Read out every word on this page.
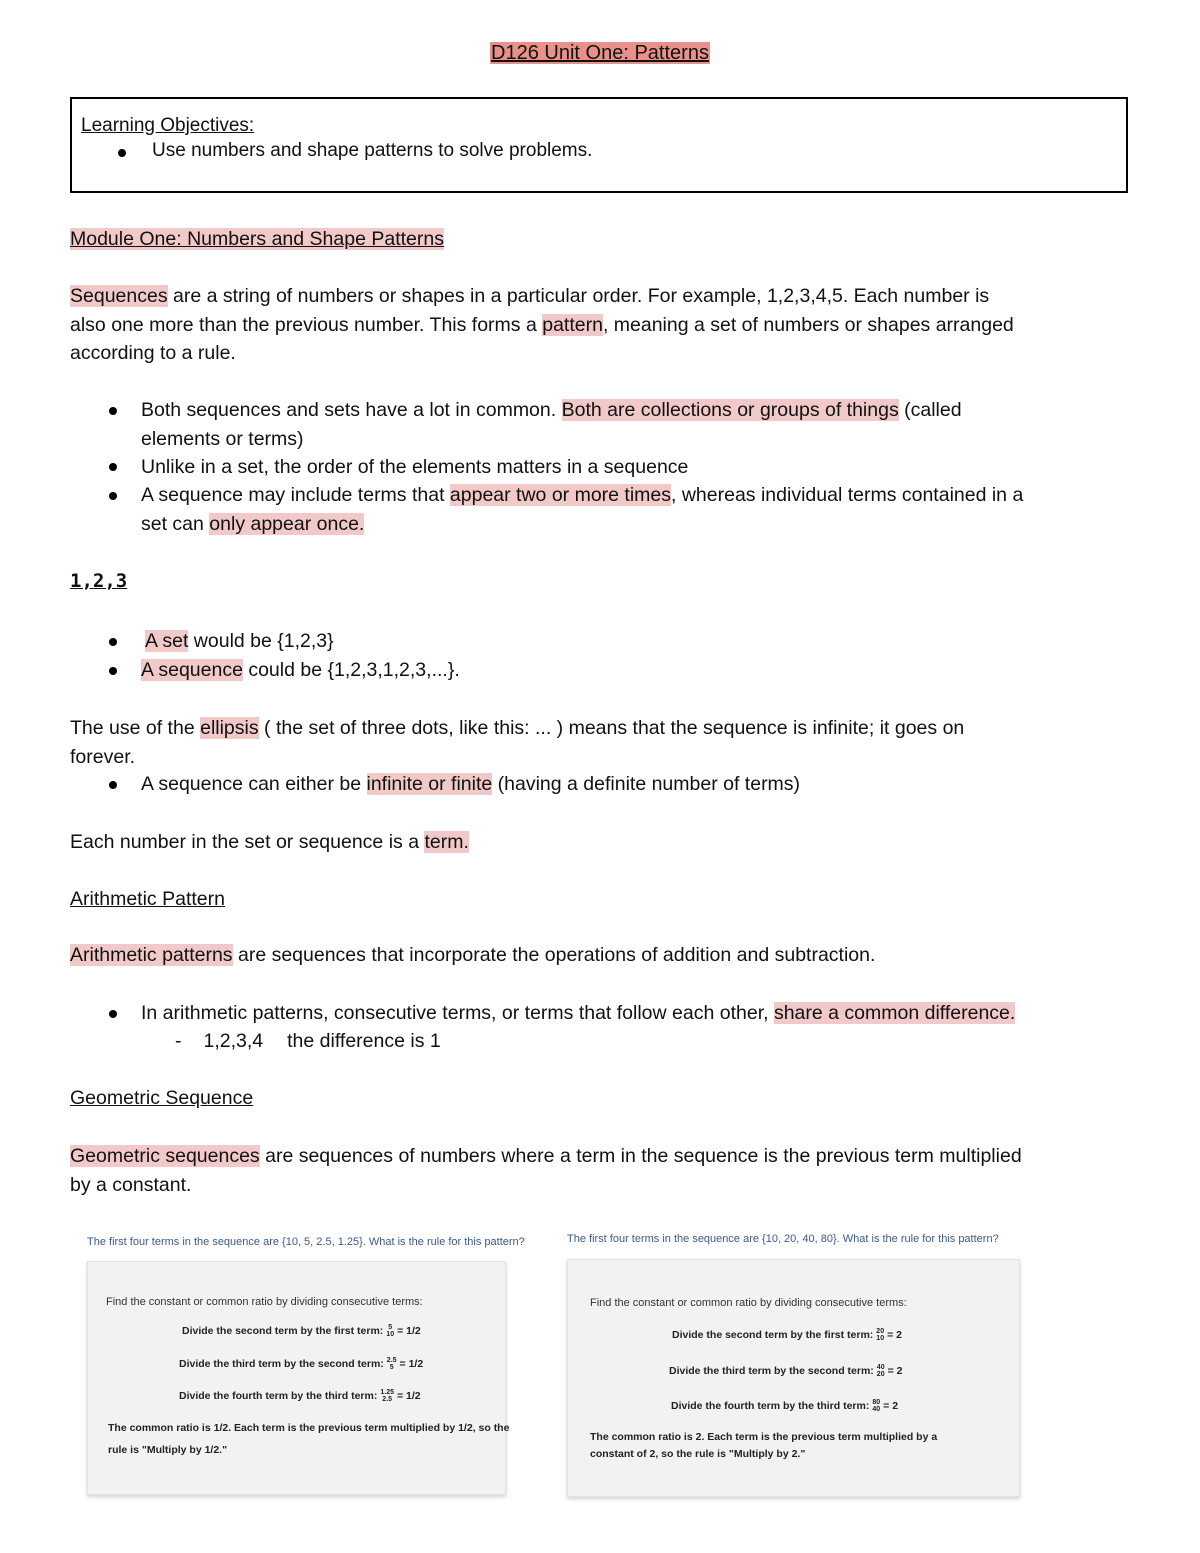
D126 Unit One: Patterns
Learning Objectives:
Use numbers and shape patterns to solve problems.
Module One: Numbers and Shape Patterns
Sequences are a string of numbers or shapes in a particular order. For example, 1,2,3,4,5. Each number is
also one more than the previous number. This forms a pattern, meaning a set of numbers or shapes arranged
according to a rule.
Both sequences and sets have a lot in common. Both are collections or groups of things (called
elements or terms)
Unlike in a set, the order of the elements matters in a sequence
A sequence may include terms that appear two or more times, whereas individual terms contained in a
set can only appear once.
1,2,3
A set would be {1,2,3}
A sequence could be {1,2,3,1,2,3,...}.
The use of the ellipsis ( the set of three dots, like this: ... ) means that the sequence is infinite; it goes on
forever.
A sequence can either be infinite or finite (having a definite number of terms)
Each number in the set or sequence is a term.
Arithmetic Pattern
Arithmetic patterns are sequences that incorporate the operations of addition and subtraction.
In arithmetic patterns, consecutive terms, or terms that follow each other, share a common difference.
- 1,2,3,4 the difference is 1
Geometric Sequence
Geometric sequences are sequences of numbers where a term in the sequence is the previous term multiplied
by a constant.
The first four terms in the sequence are {10, 5, 2.5, 1.25}. What is the rule for this pattern?
Find the constant or common ratio by dividing consecutive terms:
Divide the second term by the first term: 5
10 = 1/2
Divide the third term by the second term: 2.5
5 = 1/2
Divide the fourth term by the third term: 1.25
2.5 = 1/2
The common ratio is 1/2. Each term is the previous term multiplied by 1/2, so the
rule is "Multiply by 1/2."
The first four terms in the sequence are {10, 20, 40, 80}. What is the rule for this pattern?
Find the constant or common ratio by dividing consecutive terms:
Divide the second term by the first term: 20
10 = 2
Divide the third term by the second term: 40
20 = 2
Divide the fourth term by the third term: 80
40 = 2
The common ratio is 2. Each term is the previous term multiplied by a
constant of 2, so the rule is "Multiply by 2."
